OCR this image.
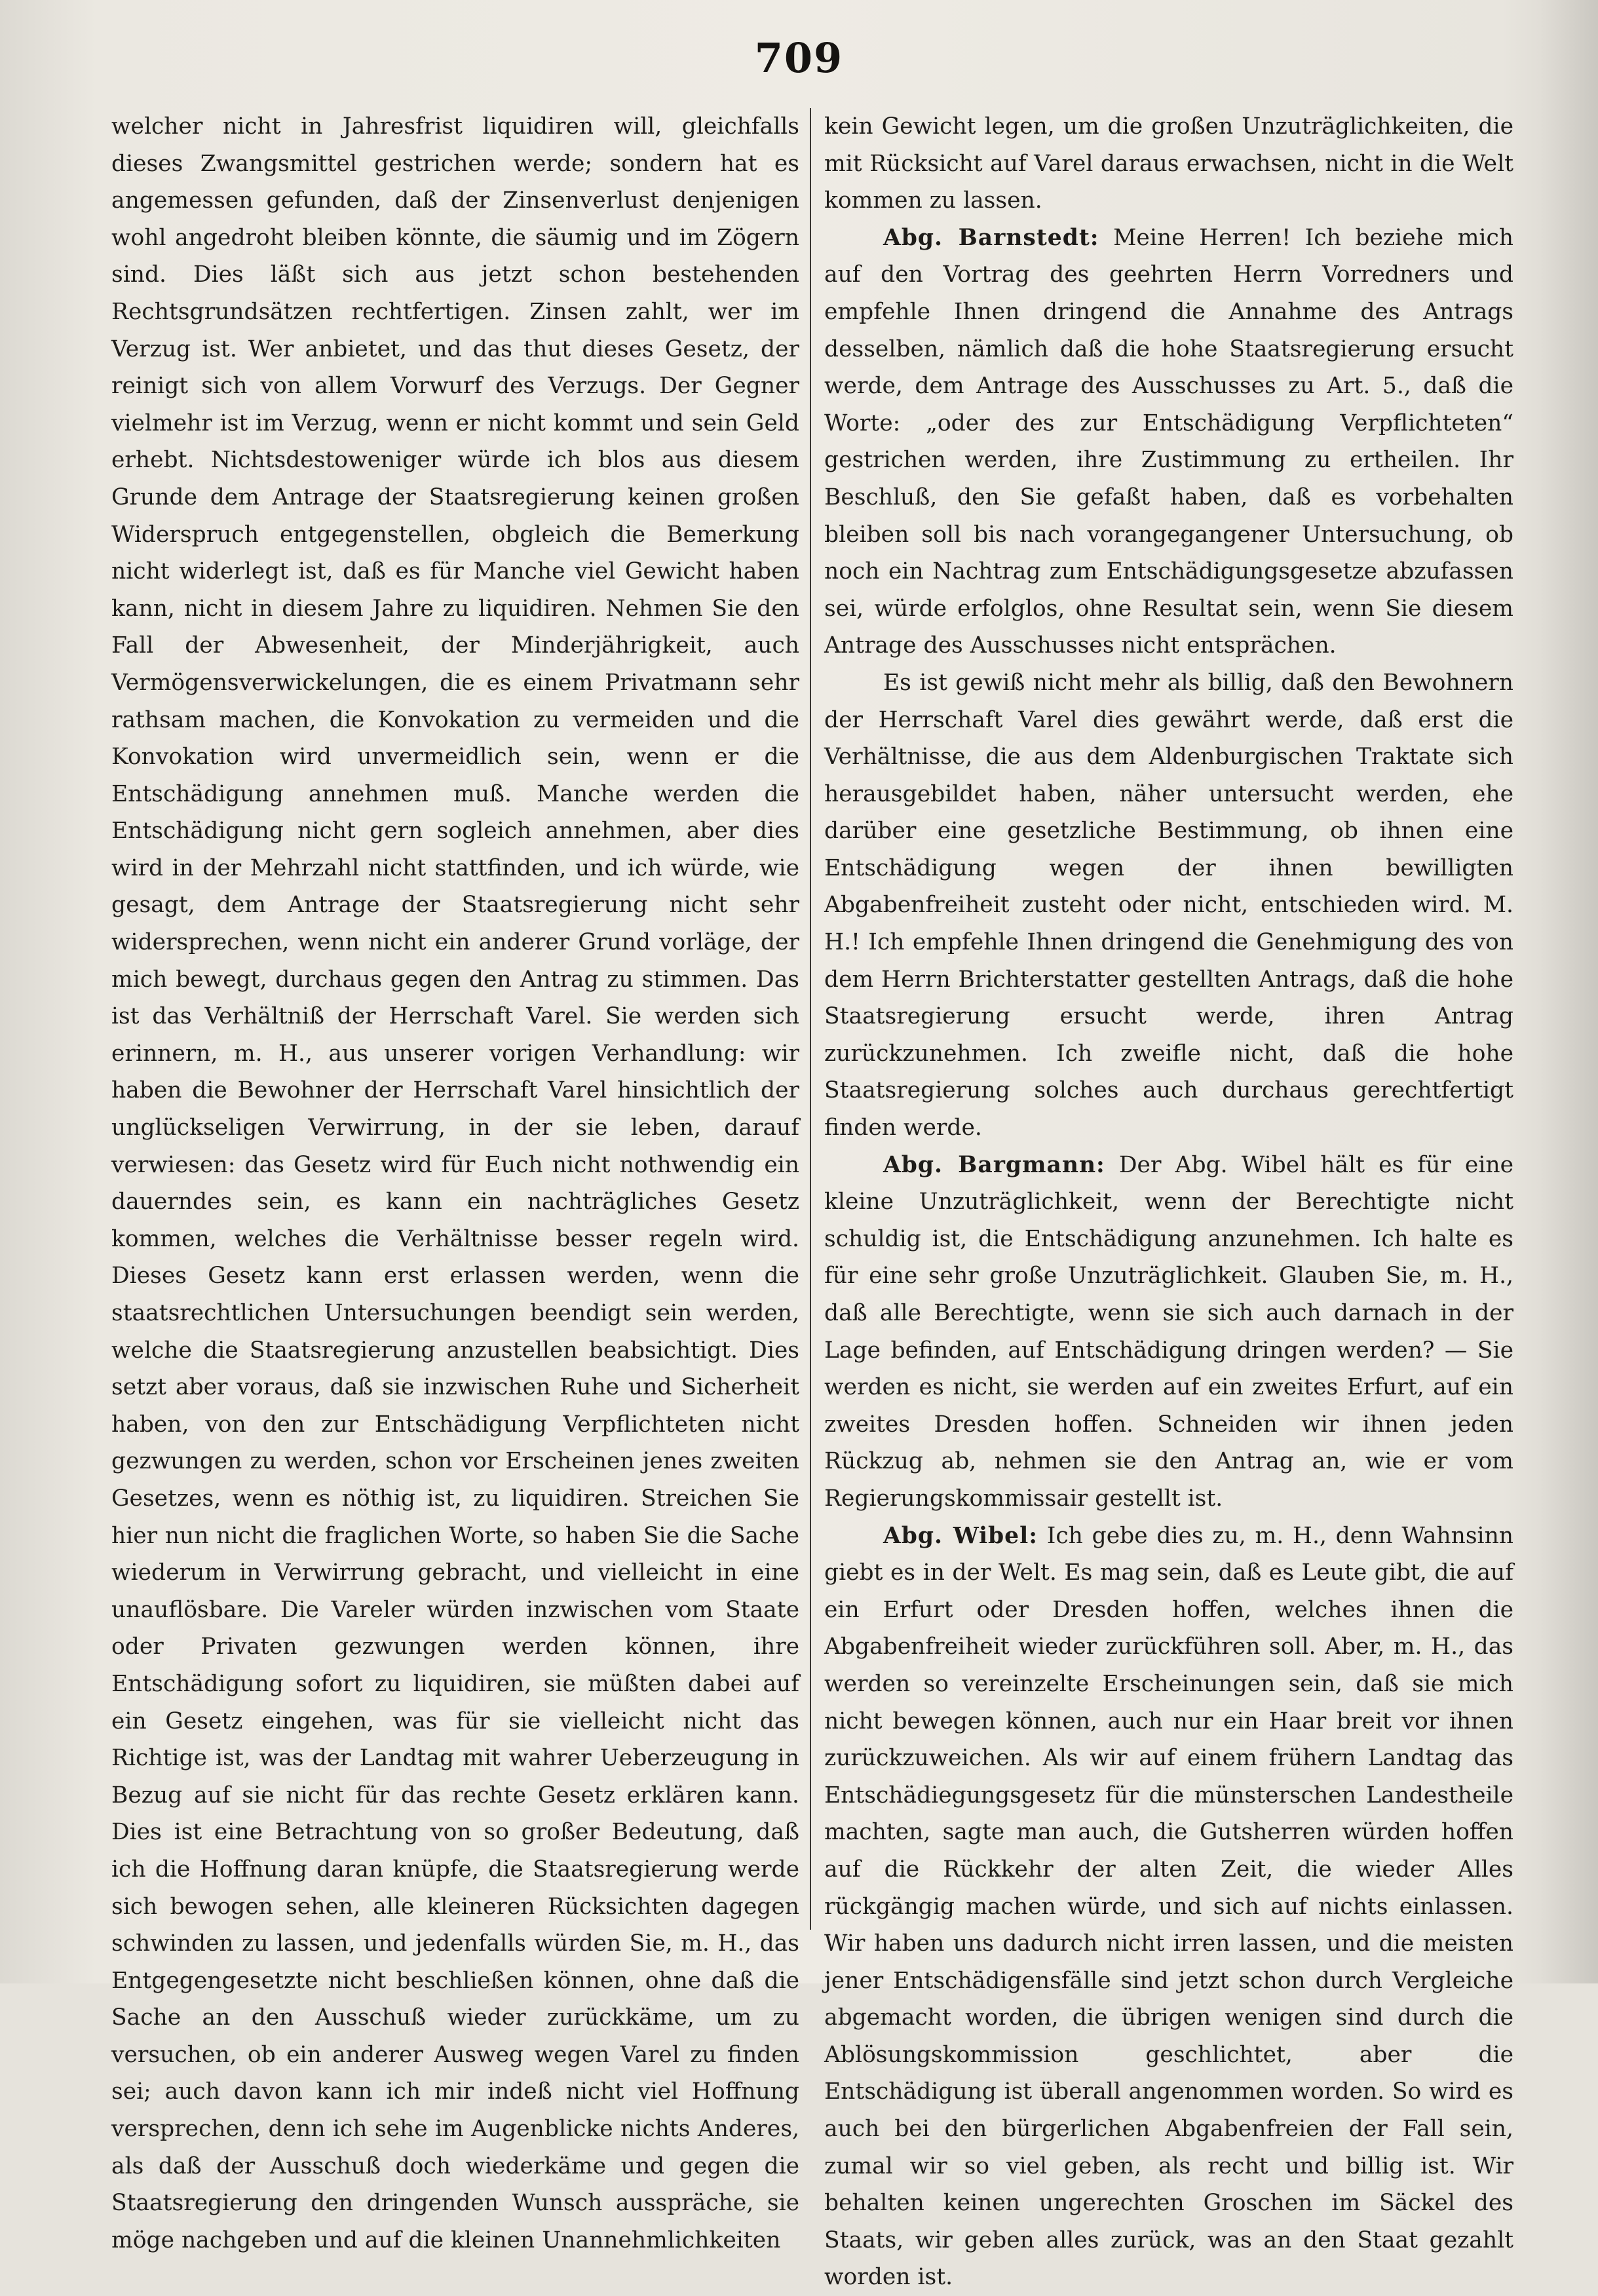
709

welcher nicht in Jahresfrist liquidiren will, gleichfalls dieses Zwangsmittel gestrichen werde; sondern hat es angemessen gefunden, daß der Zinsenverlust denjenigen wohl angedroht bleiben könnte, die säumig und im Zögern sind. Dies läßt sich aus jetzt schon bestehenden Rechtsgrundsätzen rechtfertigen. Zinsen zahlt, wer im Verzug ist. Wer anbietet, und das thut dieses Gesetz, der reinigt sich von allem Vorwurf des Verzugs. Der Gegner vielmehr ist im Verzug, wenn er nicht kommt und sein Geld erhebt. Nichtsdestoweniger würde ich blos aus diesem Grunde dem Antrage der Staatsregierung keinen großen Widerspruch entgegenstellen, obgleich die Bemerkung nicht widerlegt ist, daß es für Manche viel Gewicht haben kann, nicht in diesem Jahre zu liquidiren. Nehmen Sie den Fall der Abwesenheit, der Minderjährigkeit, auch Vermögensverwickelungen, die es einem Privatmann sehr rathsam machen, die Konvokation zu vermeiden und die Konvokation wird unvermeidlich sein, wenn er die Entschädigung annehmen muß. Manche werden die Entschädigung nicht gern sogleich annehmen, aber dies wird in der Mehrzahl nicht stattfinden, und ich würde, wie gesagt, dem Antrage der Staatsregierung nicht sehr widersprechen, wenn nicht ein anderer Grund vorläge, der mich bewegt, durchaus gegen den Antrag zu stimmen. Das ist das Verhältniß der Herrschaft Varel. Sie werden sich erinnern, m. H., aus unserer vorigen Verhandlung: wir haben die Bewohner der Herrschaft Varel hinsichtlich der unglückseligen Verwirrung, in der sie leben, darauf verwiesen: das Gesetz wird für Euch nicht nothwendig ein dauerndes sein, es kann ein nachträgliches Gesetz kommen, welches die Verhältnisse besser regeln wird. Dieses Gesetz kann erst erlassen werden, wenn die staatsrechtlichen Untersuchungen beendigt sein werden, welche die Staatsregierung anzustellen beabsichtigt. Dies setzt aber voraus, daß sie inzwischen Ruhe und Sicherheit haben, von den zur Entschädigung Verpflichteten nicht gezwungen zu werden, schon vor Erscheinen jenes zweiten Gesetzes, wenn es nöthig ist, zu liquidiren. Streichen Sie hier nun nicht die fraglichen Worte, so haben Sie die Sache wiederum in Verwirrung gebracht, und vielleicht in eine unauflösbare. Die Vareler würden inzwischen vom Staate oder Privaten gezwungen werden können, ihre Entschädigung sofort zu liquidiren, sie müßten dabei auf ein Gesetz eingehen, was für sie vielleicht nicht das Richtige ist, was der Landtag mit wahrer Ueberzeugung in Bezug auf sie nicht für das rechte Gesetz erklären kann. Dies ist eine Betrachtung von so großer Bedeutung, daß ich die Hoffnung daran knüpfe, die Staatsregierung werde sich bewogen sehen, alle kleineren Rücksichten dagegen schwinden zu lassen, und jedenfalls würden Sie, m. H., das Entgegengesetzte nicht beschließen können, ohne daß die Sache an den Ausschuß wieder zurückkäme, um zu versuchen, ob ein anderer Ausweg wegen Varel zu finden sei; auch davon kann ich mir indeß nicht viel Hoffnung versprechen, denn ich sehe im Augenblicke nichts Anderes, als daß der Ausschuß doch wiederkäme und gegen die Staatsregierung den dringenden Wunsch ausspräche, sie möge nachgeben und auf die kleinen Unannehmlichkeiten

kein Gewicht legen, um die großen Unzuträglichkeiten, die mit Rücksicht auf Varel daraus erwachsen, nicht in die Welt kommen zu lassen.

Abg. Barnstedt: Meine Herren! Ich beziehe mich auf den Vortrag des geehrten Herrn Vorredners und empfehle Ihnen dringend die Annahme des Antrags desselben, nämlich daß die hohe Staatsregierung ersucht werde, dem Antrage des Ausschusses zu Art. 5., daß die Worte: „oder des zur Entschädigung Verpflichteten“ gestrichen werden, ihre Zustimmung zu ertheilen. Ihr Beschluß, den Sie gefaßt haben, daß es vorbehalten bleiben soll bis nach vorangegangener Untersuchung, ob noch ein Nachtrag zum Entschädigungsgesetze abzufassen sei, würde erfolglos, ohne Resultat sein, wenn Sie diesem Antrage des Ausschusses nicht entsprächen.

Es ist gewiß nicht mehr als billig, daß den Bewohnern der Herrschaft Varel dies gewährt werde, daß erst die Verhältnisse, die aus dem Aldenburgischen Traktate sich herausgebildet haben, näher untersucht werden, ehe darüber eine gesetzliche Bestimmung, ob ihnen eine Entschädigung wegen der ihnen bewilligten Abgabenfreiheit zusteht oder nicht, entschieden wird. M. H.! Ich empfehle Ihnen dringend die Genehmigung des von dem Herrn Brichterstatter gestellten Antrags, daß die hohe Staatsregierung ersucht werde, ihren Antrag zurückzunehmen. Ich zweifle nicht, daß die hohe Staatsregierung solches auch durchaus gerechtfertigt finden werde.

Abg. Bargmann: Der Abg. Wibel hält es für eine kleine Unzuträglichkeit, wenn der Berechtigte nicht schuldig ist, die Entschädigung anzunehmen. Ich halte es für eine sehr große Unzuträglichkeit. Glauben Sie, m. H., daß alle Berechtigte, wenn sie sich auch darnach in der Lage befinden, auf Entschädigung dringen werden? — Sie werden es nicht, sie werden auf ein zweites Erfurt, auf ein zweites Dresden hoffen. Schneiden wir ihnen jeden Rückzug ab, nehmen sie den Antrag an, wie er vom Regierungskommissair gestellt ist.

Abg. Wibel: Ich gebe dies zu, m. H., denn Wahnsinn giebt es in der Welt. Es mag sein, daß es Leute gibt, die auf ein Erfurt oder Dresden hoffen, welches ihnen die Abgabenfreiheit wieder zurückführen soll. Aber, m. H., das werden so vereinzelte Erscheinungen sein, daß sie mich nicht bewegen können, auch nur ein Haar breit vor ihnen zurückzuweichen. Als wir auf einem frühern Landtag das Entschädiegungsgesetz für die münsterschen Landestheile machten, sagte man auch, die Gutsherren würden hoffen auf die Rückkehr der alten Zeit, die wieder Alles rückgängig machen würde, und sich auf nichts einlassen. Wir haben uns dadurch nicht irren lassen, und die meisten jener Entschädigensfälle sind jetzt schon durch Vergleiche abgemacht worden, die übrigen wenigen sind durch die Ablösungskommission geschlichtet, aber die Entschädigung ist überall angenommen worden. So wird es auch bei den bürgerlichen Abgabenfreien der Fall sein, zumal wir so viel geben, als recht und billig ist. Wir behalten keinen ungerechten Groschen im Säckel des Staats, wir geben alles zurück, was an den Staat gezahlt worden ist.
